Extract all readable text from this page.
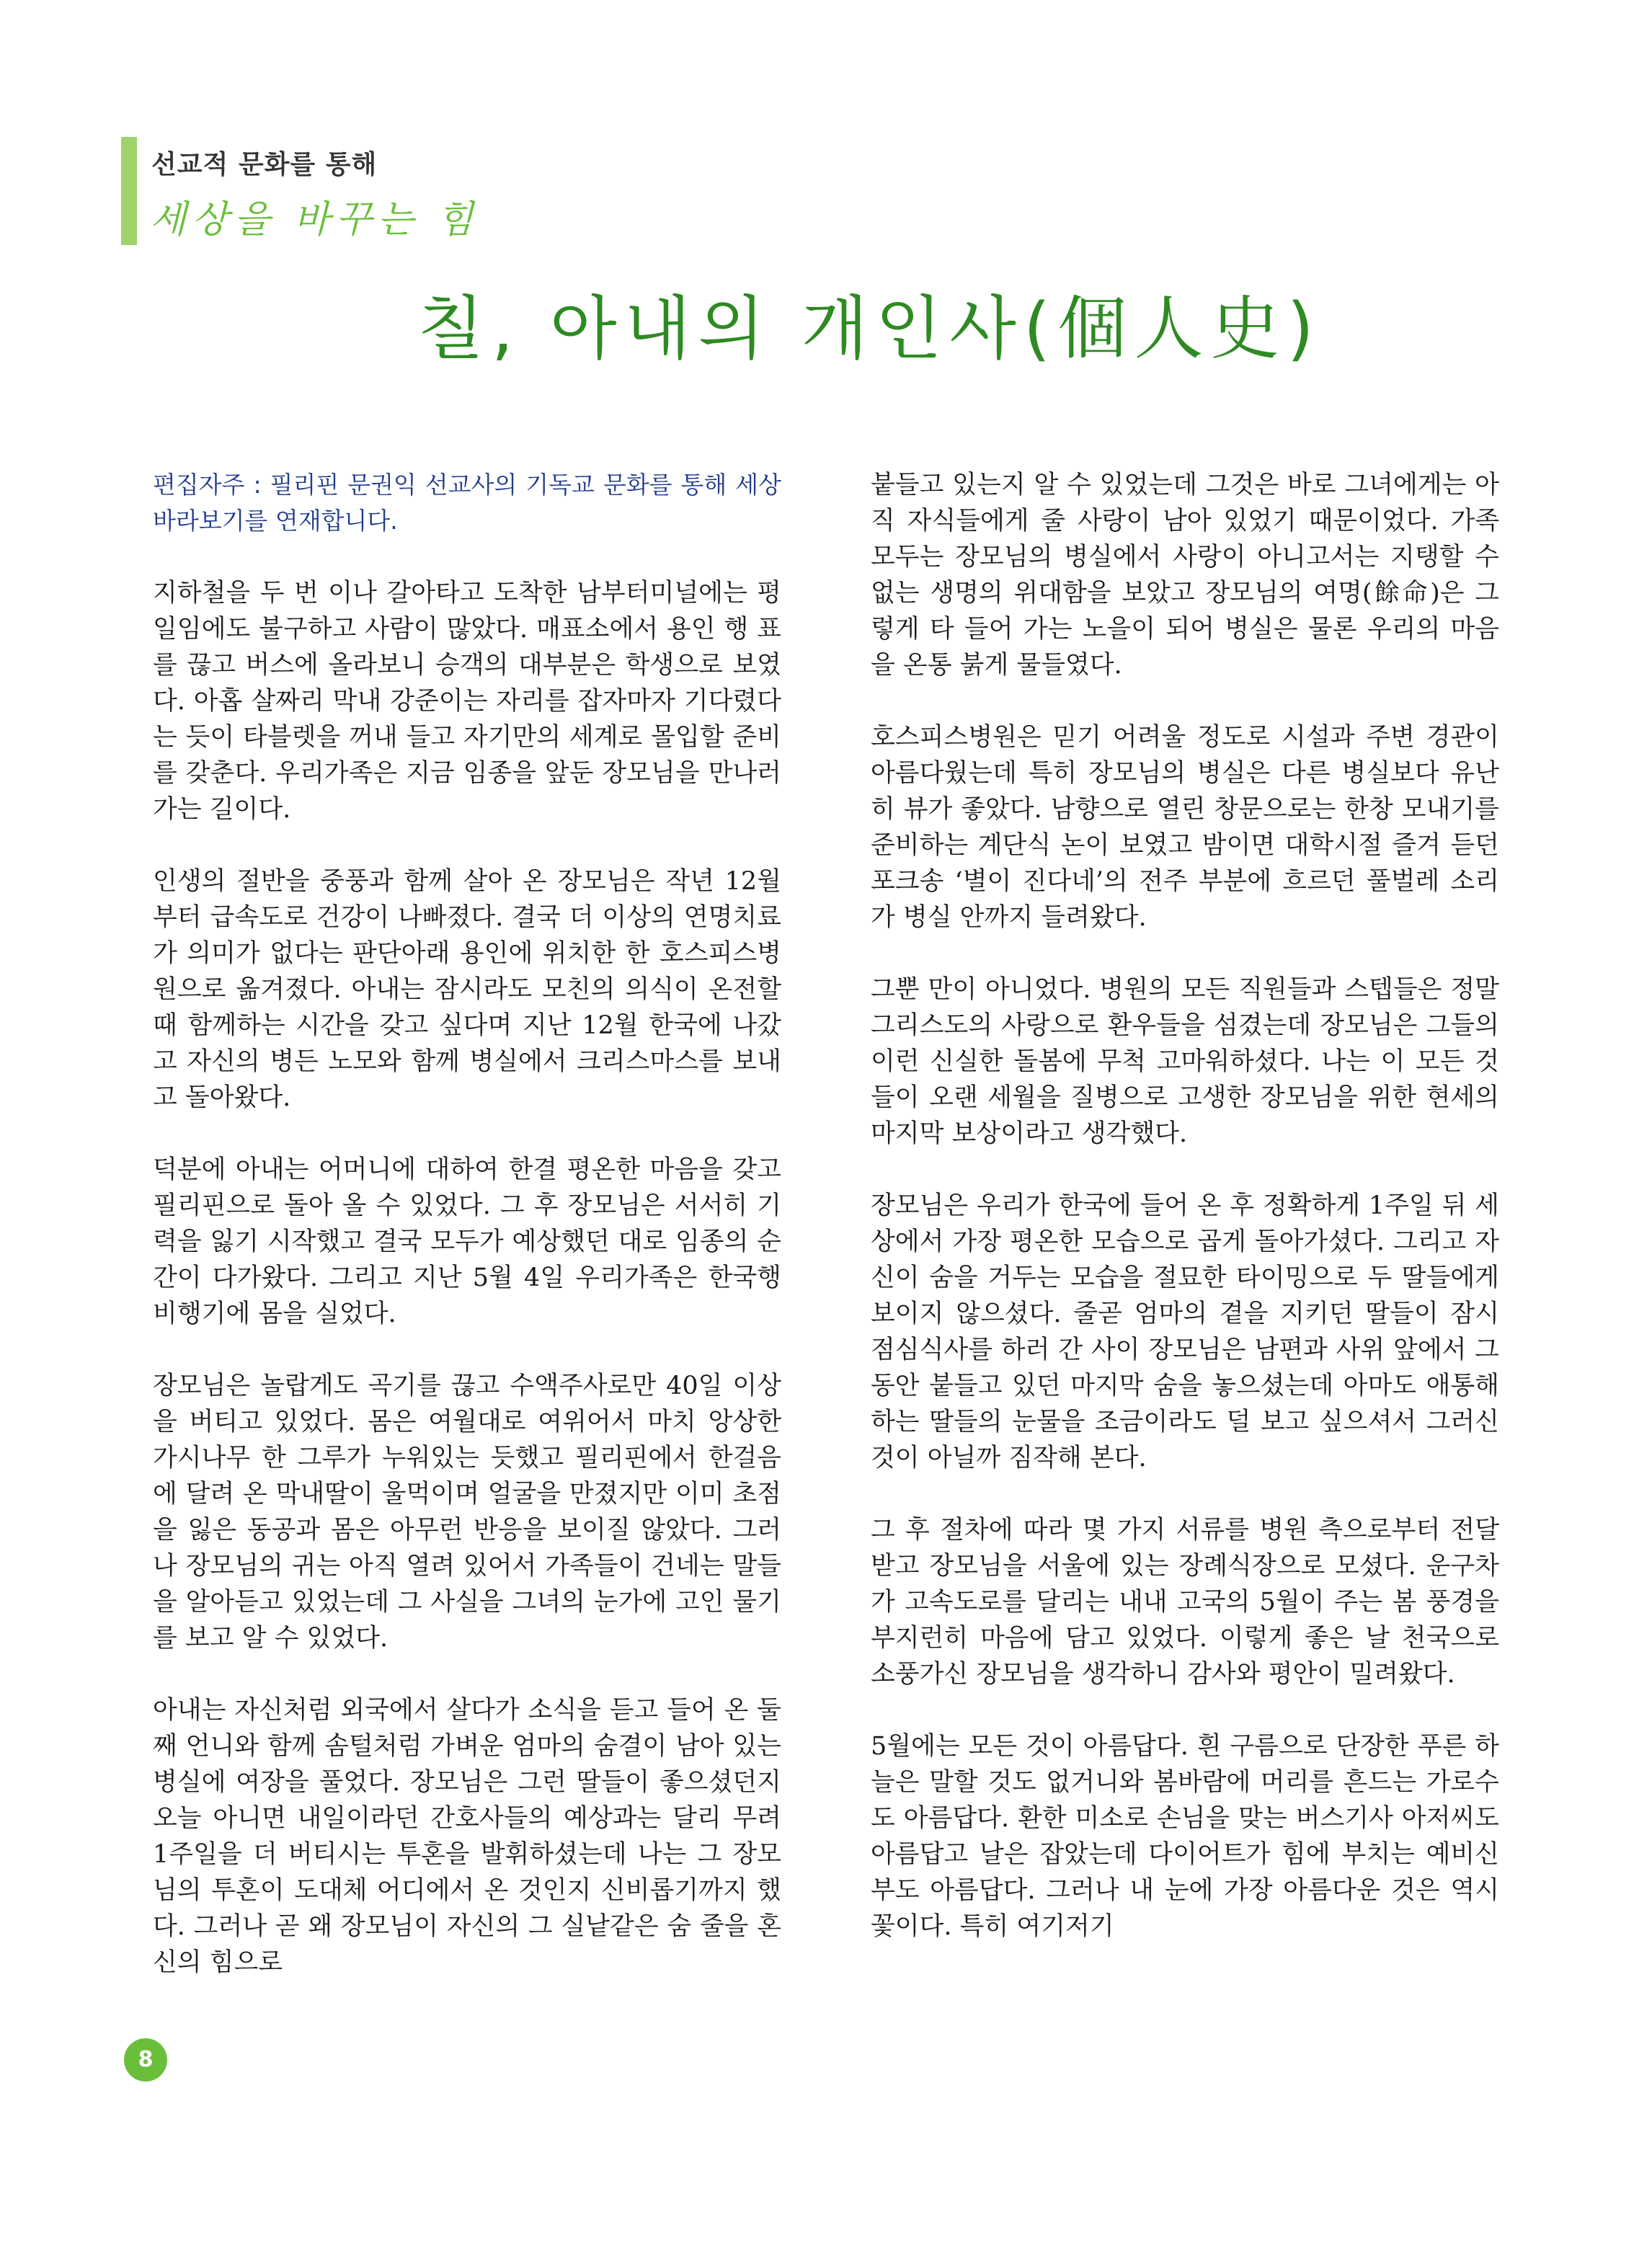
선교적 문화를 통해
세상을 바꾸는 힘
칠, 아내의 개인사(個人史)

편집자주 : 필리핀 문권익 선교사의 기독교 문화를 통해 세상 바라보기를 연재합니다.

지하철을 두 번 이나 갈아타고 도착한 남부터미널에는 평일임에도 불구하고 사람이 많았다. 매표소에서 용인 행 표를 끊고 버스에 올라보니 승객의 대부분은 학생으로 보였다. 아홉 살짜리 막내 강준이는 자리를 잡자마자 기다렸다는 듯이 타블렛을 꺼내 들고 자기만의 세계로 몰입할 준비를 갖춘다. 우리가족은 지금 임종을 앞둔 장모님을 만나러 가는 길이다.

인생의 절반을 중풍과 함께 살아 온 장모님은 작년 12월부터 급속도로 건강이 나빠졌다. 결국 더 이상의 연명치료가 의미가 없다는 판단아래 용인에 위치한 한 호스피스병원으로 옮겨졌다. 아내는 잠시라도 모친의 의식이 온전할 때 함께하는 시간을 갖고 싶다며 지난 12월 한국에 나갔고 자신의 병든 노모와 함께 병실에서 크리스마스를 보내고 돌아왔다.

덕분에 아내는 어머니에 대하여 한결 평온한 마음을 갖고 필리핀으로 돌아 올 수 있었다. 그 후 장모님은 서서히 기력을 잃기 시작했고 결국 모두가 예상했던 대로 임종의 순간이 다가왔다. 그리고 지난 5월 4일 우리가족은 한국행 비행기에 몸을 실었다.

장모님은 놀랍게도 곡기를 끊고 수액주사로만 40일 이상을 버티고 있었다. 몸은 여월대로 여위어서 마치 앙상한 가시나무 한 그루가 누워있는 듯했고 필리핀에서 한걸음에 달려 온 막내딸이 울먹이며 얼굴을 만졌지만 이미 초점을 잃은 동공과 몸은 아무런 반응을 보이질 않았다. 그러나 장모님의 귀는 아직 열려 있어서 가족들이 건네는 말들을 알아듣고 있었는데 그 사실을 그녀의 눈가에 고인 물기를 보고 알 수 있었다.

아내는 자신처럼 외국에서 살다가 소식을 듣고 들어 온 둘째 언니와 함께 솜털처럼 가벼운 엄마의 숨결이 남아 있는 병실에 여장을 풀었다. 장모님은 그런 딸들이 좋으셨던지 오늘 아니면 내일이라던 간호사들의 예상과는 달리 무려 1주일을 더 버티시는 투혼을 발휘하셨는데 나는 그 장모님의 투혼이 도대체 어디에서 온 것인지 신비롭기까지 했다. 그러나 곧 왜 장모님이 자신의 그 실낱같은 숨 줄을 혼신의 힘으로

붙들고 있는지 알 수 있었는데 그것은 바로 그녀에게는 아직 자식들에게 줄 사랑이 남아 있었기 때문이었다. 가족 모두는 장모님의 병실에서 사랑이 아니고서는 지탱할 수 없는 생명의 위대함을 보았고 장모님의 여명(餘命)은 그렇게 타 들어 가는 노을이 되어 병실은 물론 우리의 마음을 온통 붉게 물들였다.

호스피스병원은 믿기 어려울 정도로 시설과 주변 경관이 아름다웠는데 특히 장모님의 병실은 다른 병실보다 유난히 뷰가 좋았다. 남향으로 열린 창문으로는 한창 모내기를 준비하는 계단식 논이 보였고 밤이면 대학시절 즐겨 듣던 포크송 ‘별이 진다네’의 전주 부분에 흐르던 풀벌레 소리가 병실 안까지 들려왔다.

그뿐 만이 아니었다. 병원의 모든 직원들과 스텝들은 정말 그리스도의 사랑으로 환우들을 섬겼는데 장모님은 그들의 이런 신실한 돌봄에 무척 고마워하셨다. 나는 이 모든 것들이 오랜 세월을 질병으로 고생한 장모님을 위한 현세의 마지막 보상이라고 생각했다.

장모님은 우리가 한국에 들어 온 후 정확하게 1주일 뒤 세상에서 가장 평온한 모습으로 곱게 돌아가셨다. 그리고 자신이 숨을 거두는 모습을 절묘한 타이밍으로 두 딸들에게 보이지 않으셨다. 줄곧 엄마의 곁을 지키던 딸들이 잠시 점심식사를 하러 간 사이 장모님은 남편과 사위 앞에서 그 동안 붙들고 있던 마지막 숨을 놓으셨는데 아마도 애통해 하는 딸들의 눈물을 조금이라도 덜 보고 싶으셔서 그러신 것이 아닐까 짐작해 본다.

그 후 절차에 따라 몇 가지 서류를 병원 측으로부터 전달 받고 장모님을 서울에 있는 장례식장으로 모셨다. 운구차가 고속도로를 달리는 내내 고국의 5월이 주는 봄 풍경을 부지런히 마음에 담고 있었다. 이렇게 좋은 날 천국으로 소풍가신 장모님을 생각하니 감사와 평안이 밀려왔다.

5월에는 모든 것이 아름답다. 흰 구름으로 단장한 푸른 하늘은 말할 것도 없거니와 봄바람에 머리를 흔드는 가로수도 아름답다. 환한 미소로 손님을 맞는 버스기사 아저씨도 아름답고 날은 잡았는데 다이어트가 힘에 부치는 예비신부도 아름답다. 그러나 내 눈에 가장 아름다운 것은 역시 꽃이다. 특히 여기저기

8
